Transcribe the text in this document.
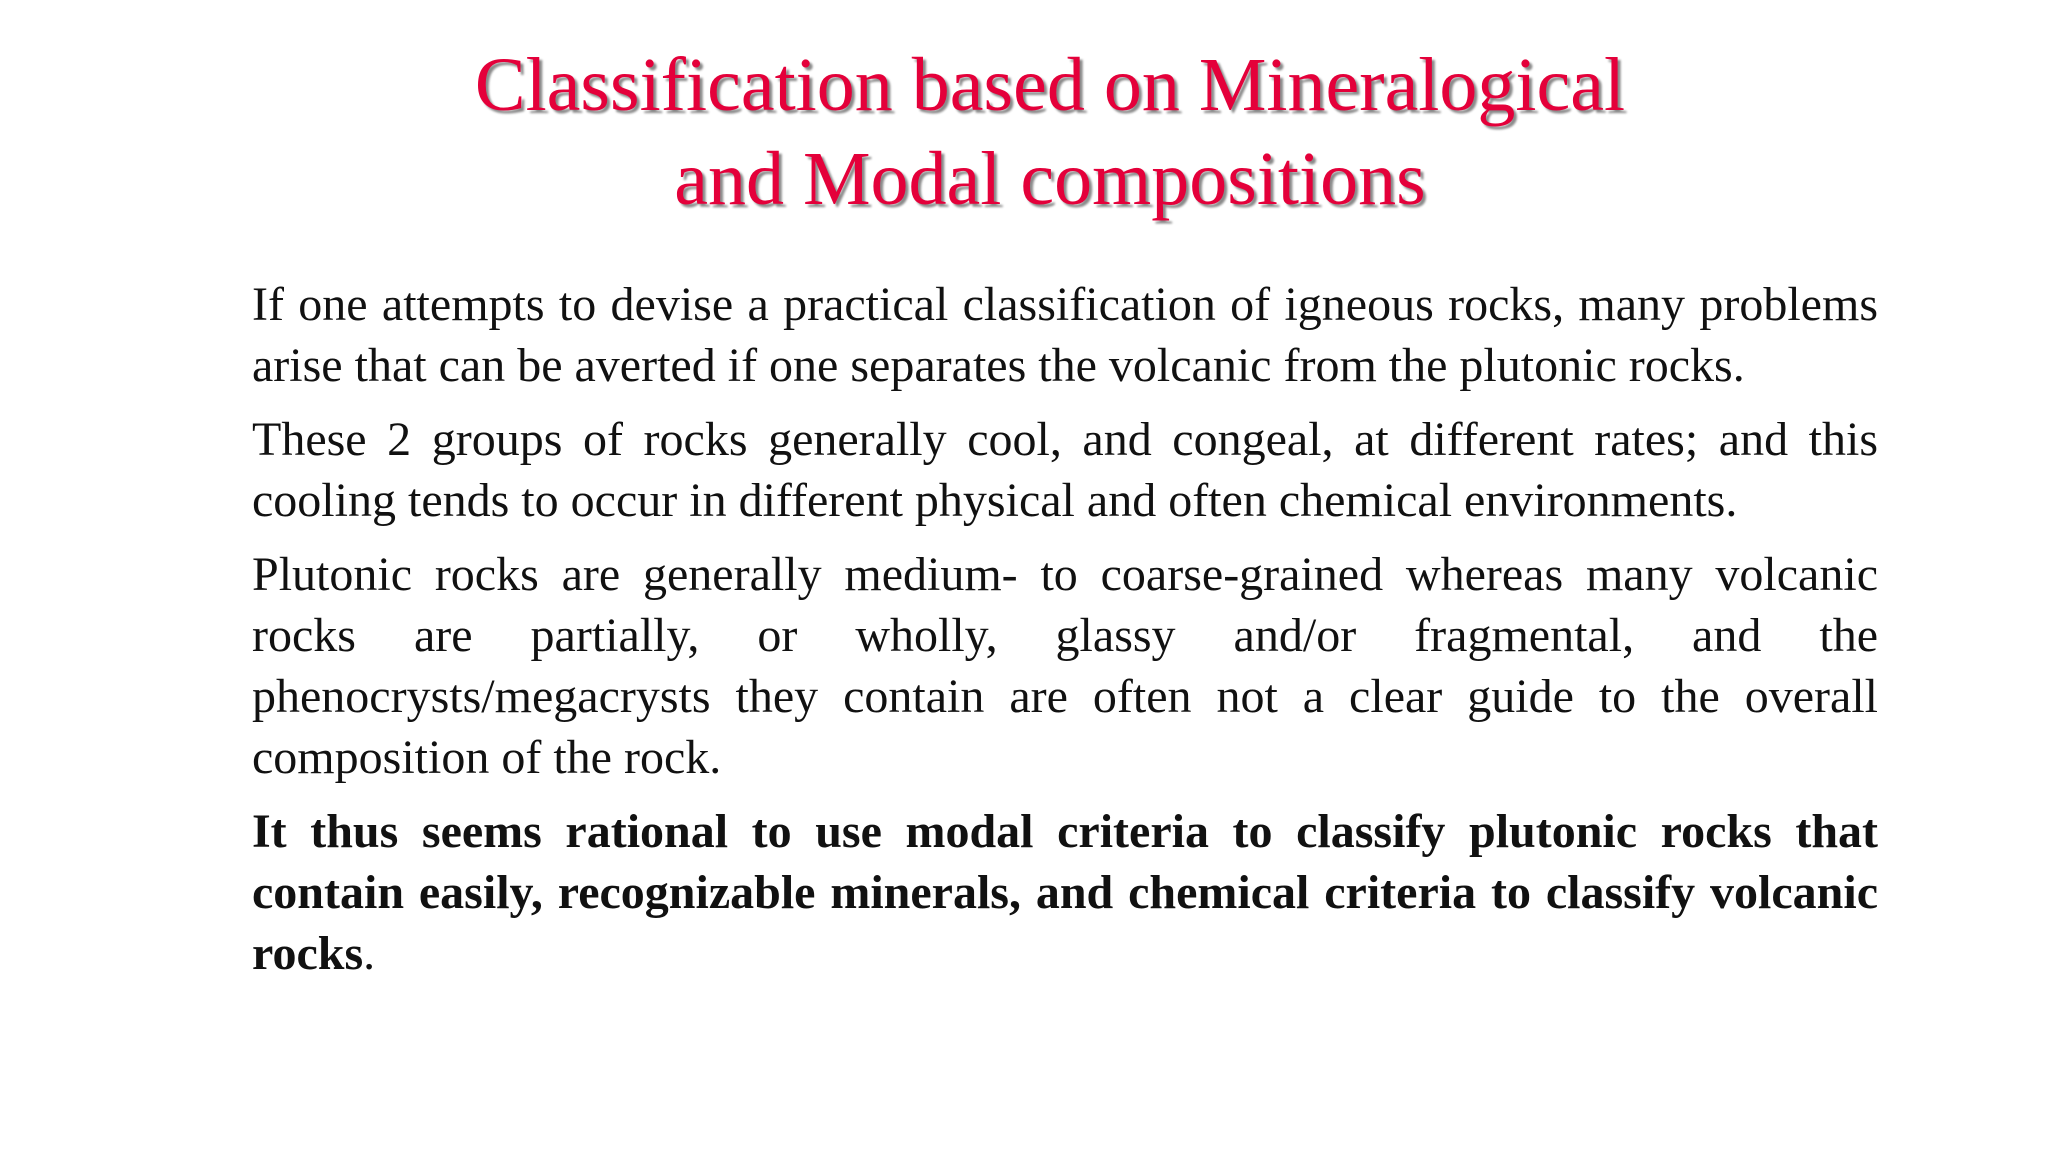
Classification based on Mineralogical
and Modal compositions

If one attempts to devise a practical classification of igneous rocks, many problems arise that can be averted if one separates the volcanic from the plutonic rocks.

These 2 groups of rocks generally cool, and congeal, at different rates; and this cooling tends to occur in different physical and often chemical environments.

Plutonic rocks are generally medium- to coarse-grained whereas many volcanic rocks are partially, or wholly, glassy and/or fragmental, and the phenocrysts/megacrysts they contain are often not a clear guide to the overall composition of the rock.

It thus seems rational to use modal criteria to classify plutonic rocks that contain easily, recognizable minerals, and chemical criteria to classify volcanic rocks.
